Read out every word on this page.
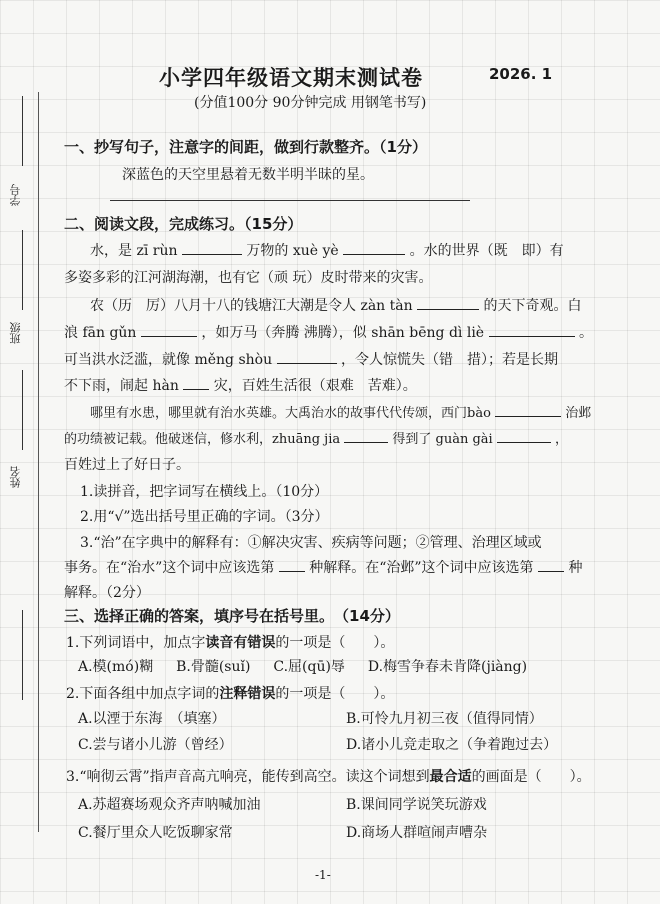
学号
班级
姓名
小学四年级语文期末测试卷	2026. 1
(分值100分 90分钟完成 用钢笔书写)
一、抄写句子，注意字的间距，做到行款整齐。（1分）
深蓝色的天空里悬着无数半明半昧的星。
二、阅读文段，完成练习。（15分）
水，是 zī rùn	万物的 xuè yè	。水的世界（既　即）有
多姿多彩的江河湖海潮，也有它（顽 玩）皮时带来的灾害。
农（历　厉）八月十八的钱塘江大潮是令人 zàn tàn	的天下奇观。白
浪 fān gǔn	，如万马（奔腾 沸腾），似 shān bēng dì liè	。
可当洪水泛滥，就像 měng shòu	，令人惊慌失（错　措）；若是长期
不下雨，闹起 hàn 灾，百姓生活很（艰难　苦难）。
哪里有水患，哪里就有治水英雄。大禹治水的故事代代传颂，西门bào	治邺
的功绩被记载。他破迷信，修水利，zhuāng jia	得到了 guàn gài	，
百姓过上了好日子。
1.读拼音，把字词写在横线上。（10分）
2.用“√”选出括号里正确的字词。（3分）
3.“治”在字典中的解释有：①解决灾害、疾病等问题；②管理、治理区域或
事务。在“治水”这个词中应该选第 种解释。在“治邺”这个词中应该选第 种
解释。（2分）
三、选择正确的答案，填序号在括号里。　（14分）
1.下列词语中，加点字读音有错误的一项是（　　）。
A.模(mó)糊 B.骨髓(suǐ) C.屈(qū)辱 D.梅雪争春未肯降(jiàng)
2.下面各组中加点字词的注释错误的一项是（　　）。
A.以湮于东海　（填塞）	B.可怜九月初三夜（值得同情）
C.尝与诸小儿游（曾经）	D.诸小儿竞走取之（争着跑过去）
3.“响彻云霄”指声音高亢响亮，能传到高空。读这个词想到最合适的画面是（　　）。
A.苏超赛场观众齐声呐喊加油	B.课间同学说笑玩游戏
C.餐厅里众人吃饭聊家常	D.商场人群喧闹声嘈杂
-1-
